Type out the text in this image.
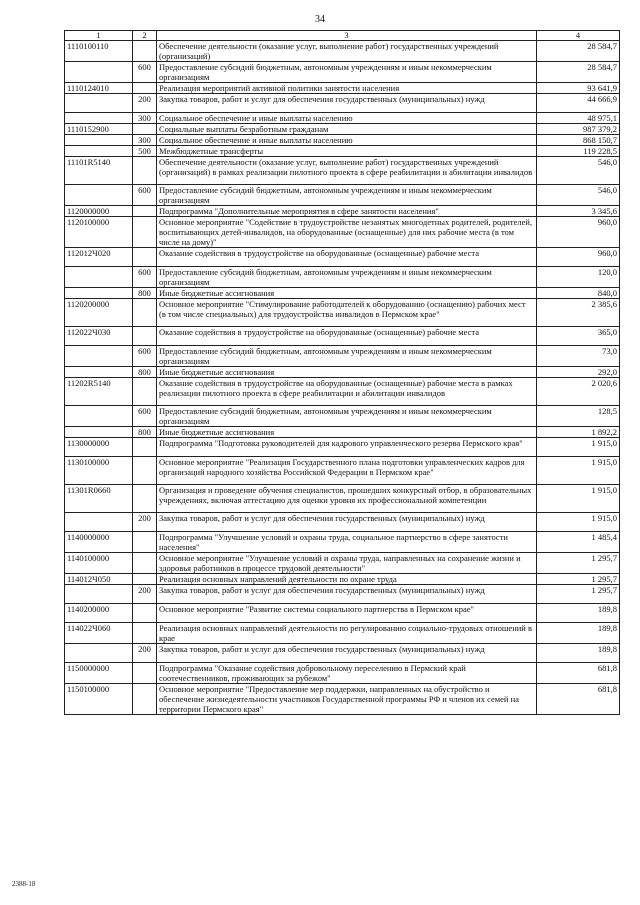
34
1	2	3	4
1110100110		Обеспечение деятельности (оказание услуг, выполнение работ) государственных учреждений (организаций)	28 584,7
	600	Предоставление субсидий бюджетным, автономным учреждениям и иным некоммерческим организациям	28 584,7
1110124010		Реализация мероприятий активной политики занятости населения	93 641,9
	200	Закупка товаров, работ и услуг для обеспечения государственных (муниципальных) нужд	44 666,9
	300	Социальное обеспечение и иные выплаты населению	48 975,1
1110152900		Социальные выплаты безработным гражданам	987 379,2
	300	Социальное обеспечение и иные выплаты населению	868 150,7
	500	Межбюджетные трансферты	119 228,5
11101R5140		Обеспечение деятельности (оказание услуг, выполнение работ) государственных учреждений (организаций) в рамках реализации пилотного проекта в сфере реабилитации и абилитации инвалидов	546,0
	600	Предоставление субсидий бюджетным, автономным учреждениям и иным некоммерческим организациям	546,0
1120000000		Подпрограмма "Дополнительные мероприятия в сфере занятости населения"	3 345,6
1120100000		Основное мероприятие "Содействие в трудоустройстве незанятых многодетных родителей, родителей, воспитывающих детей-инвалидов, на оборудованные (оснащенные) для них рабочие места (в том числе на дому)"	960,0
112012Ч020		Оказание содействия в трудоустройстве на оборудованные (оснащенные) рабочие места	960,0
	600	Предоставление субсидий бюджетным, автономным учреждениям и иным некоммерческим организациям	120,0
	800	Иные бюджетные ассигнования	840,0
1120200000		Основное мероприятие "Стимулирование работодателей к оборудованию (оснащению) рабочих мест (в том числе специальных) для трудоустройства инвалидов в Пермском крае"	2 385,6
112022Ч030		Оказание содействия в трудоустройстве на оборудованные (оснащенные) рабочие места	365,0
	600	Предоставление субсидий бюджетным, автономным учреждениям и иным некоммерческим организациям	73,0
	800	Иные бюджетные ассигнования	292,0
11202R5140		Оказание содействия в трудоустройстве на оборудованные (оснащенные) рабочие места в рамках реализации пилотного проекта в сфере реабилитации и абилитации инвалидов	2 020,6
	600	Предоставление субсидий бюджетным, автономным учреждениям и иным некоммерческим организациям	128,5
	800	Иные бюджетные ассигнования	1 892,2
1130000000		Подпрограмма "Подготовка руководителей для кадрового управленческого резерва Пермского края"	1 915,0
1130100000		Основное мероприятие "Реализация Государственного плана подготовки управленческих кадров для организаций народного хозяйства Российской Федерации в Пермском крае"	1 915,0
11301R0660		Организация и проведение обучения специалистов, прошедших конкурсный отбор, в образовательных учреждениях, включая аттестацию для оценки уровня их профессиональной компетенции	1 915,0
	200	Закупка товаров, работ и услуг для обеспечения государственных (муниципальных) нужд	1 915,0
1140000000		Подпрограмма "Улучшение условий и охраны труда, социальное партнерство в сфере занятости населения"	1 485,4
1140100000		Основное мероприятие "Улучшение условий и охраны труда, направленных на сохранение жизни и здоровья работников в процессе трудовой деятельности"	1 295,7
114012Ч050		Реализация основных направлений деятельности по охране труда	1 295,7
	200	Закупка товаров, работ и услуг для обеспечения государственных (муниципальных) нужд	1 295,7
1140200000		Основное мероприятие "Развитие системы социального партнерства в Пермском крае"	189,8
114022Ч060		Реализация основных направлений деятельности по регулированию социально-трудовых отношений в крае	189,8
	200	Закупка товаров, работ и услуг для обеспечения государственных (муниципальных) нужд	189,8
1150000000		Подпрограмма "Оказание содействия добровольному переселению в Пермский край соотечественников, проживающих за рубежом"	681,8
1150100000		Основное мероприятие "Предоставление мер поддержки, направленных на обустройство и обеспечение жизнедеятельности участников Государственной программы РФ и членов их семей на территории Пермского края"	681,8
2388-18
